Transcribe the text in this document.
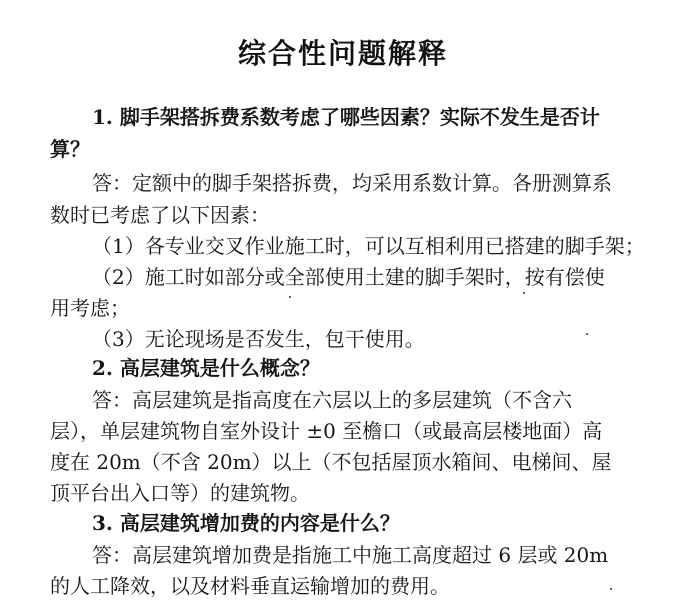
综合性问题解释
1. 脚手架搭拆费系数考虑了哪些因素？实际不发生是否计
算？
答：定额中的脚手架搭拆费，均采用系数计算。各册测算系
数时已考虑了以下因素：
（1）各专业交叉作业施工时，可以互相利用已搭建的脚手架；
（2）施工时如部分或全部使用土建的脚手架时，按有偿使
用考虑；
（3）无论现场是否发生，包干使用。
2. 高层建筑是什么概念？
答：高层建筑是指高度在六层以上的多层建筑（不含六
层），单层建筑物自室外设计 ±0 至檐口（或最高层楼地面）高
度在 20m（不含 20m）以上（不包括屋顶水箱间、电梯间、屋
顶平台出入口等）的建筑物。
3. 高层建筑增加费的内容是什么？
答：高层建筑增加费是指施工中施工高度超过 6 层或 20m
的人工降效，以及材料垂直运输增加的费用。
